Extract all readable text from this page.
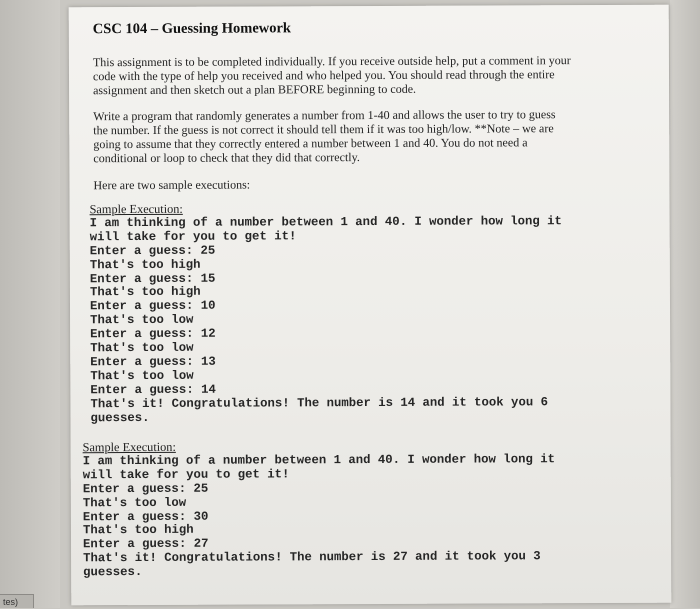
tes)
CSC 104 – Guessing Homework

This assignment is to be completed individually. If you receive outside help, put a comment in your code with the type of help you received and who helped you. You should read through the entire assignment and then sketch out a plan BEFORE beginning to code.

Write a program that randomly generates a number from 1-40 and allows the user to try to guess the number. If the guess is not correct it should tell them if it was too high/low. **Note – we are going to assume that they correctly entered a number between 1 and 40. You do not need a conditional or loop to check that they did that correctly.

Here are two sample executions:

Sample Execution:
I am thinking of a number between 1 and 40. I wonder how long it
will take for you to get it!
Enter a guess: 25
That's too high
Enter a guess: 15
That's too high
Enter a guess: 10
That's too low
Enter a guess: 12
That's too low
Enter a guess: 13
That's too low
Enter a guess: 14
That's it! Congratulations! The number is 14 and it took you 6
guesses.
Sample Execution:
I am thinking of a number between 1 and 40. I wonder how long it
will take for you to get it!
Enter a guess: 25
That's too low
Enter a guess: 30
That's too high
Enter a guess: 27
That's it! Congratulations! The number is 27 and it took you 3
guesses.
